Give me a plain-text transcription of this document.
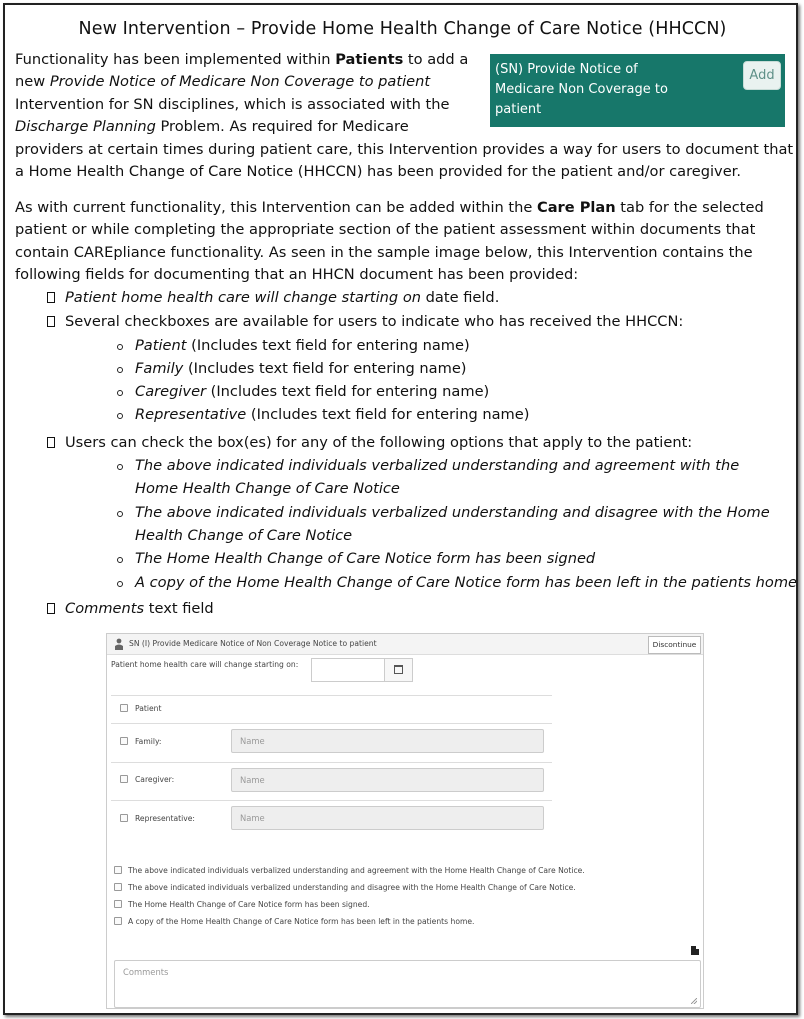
New Intervention – Provide Home Health Change of Care Notice (HHCCN)

(SN) Provide Notice of Medicare Non Coverage to patient
Add
Functionality has been implemented within Patients to add a new Provide Notice of Medicare Non Coverage to patient Intervention for SN disciplines, which is associated with the Discharge Planning Problem. As required for Medicare providers at certain times during patient care, this Intervention provides a way for users to document that a Home Health Change of Care Notice (HHCCN) has been provided for the patient and/or caregiver.

As with current functionality, this Intervention can be added within the Care Plan tab for the selected patient or while completing the appropriate section of the patient assessment within documents that contain CAREpliance functionality. As seen in the sample image below, this Intervention contains the following fields for documenting that an HHCN document has been provided:

Patient home health care will change starting on date field.
Several checkboxes are available for users to indicate who has received the HHCCN:
Patient (Includes text field for entering name)
Family (Includes text field for entering name)
Caregiver (Includes text field for entering name)
Representative (Includes text field for entering name)
Users can check the box(es) for any of the following options that apply to the patient:
The above indicated individuals verbalized understanding and agreement with the Home Health Change of Care Notice
The above indicated individuals verbalized understanding and disagree with the Home Health Change of Care Notice
The Home Health Change of Care Notice form has been signed
A copy of the Home Health Change of Care Notice form has been left in the patients home
Comments text field
SN (I) Provide Medicare Notice of Non Coverage Notice to patient	Discontinue
Patient home health care will change starting on:
Patient
Family:	Name
Caregiver:	Name
Representative:	Name
The above indicated individuals verbalized understanding and agreement with the Home Health Change of Care Notice.
The above indicated individuals verbalized understanding and disagree with the Home Health Change of Care Notice.
The Home Health Change of Care Notice form has been signed.
A copy of the Home Health Change of Care Notice form has been left in the patients home.
Comments
